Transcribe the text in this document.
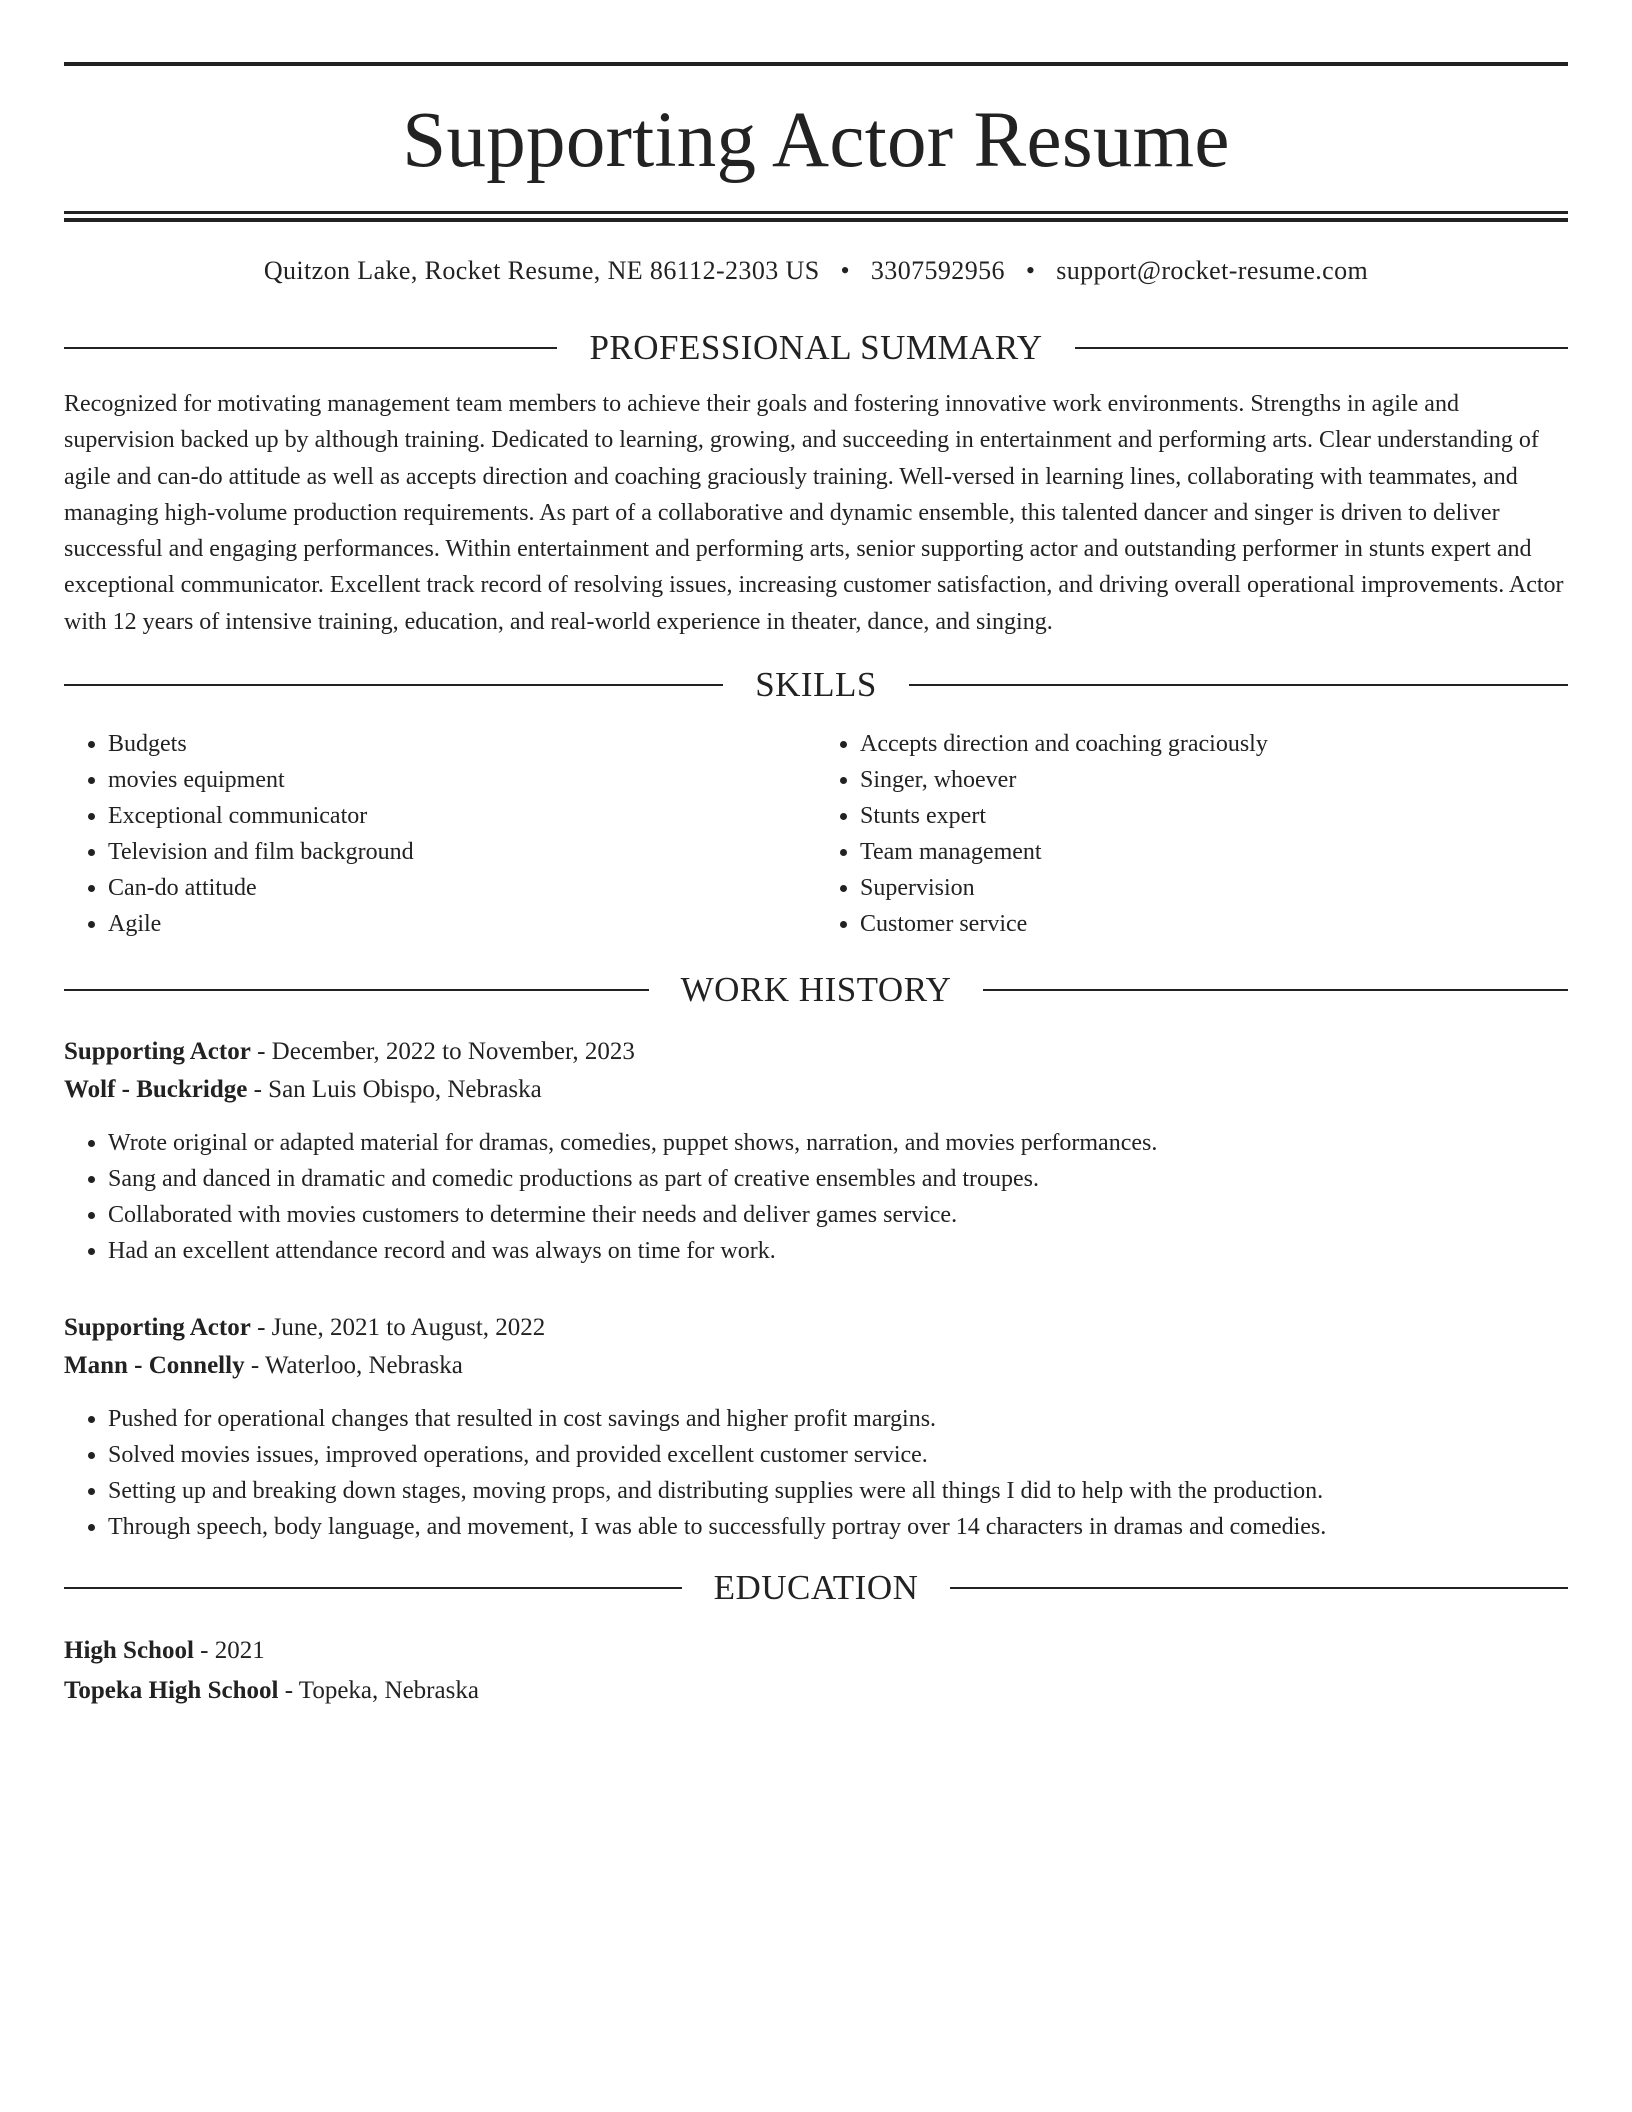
Supporting Actor Resume
Quitzon Lake, Rocket Resume, NE 86112-2303 US • 3307592956 • support@rocket-resume.com
PROFESSIONAL SUMMARY

Recognized for motivating management team members to achieve their goals and fostering innovative work environments. Strengths in agile and supervision backed up by although training. Dedicated to learning, growing, and succeeding in entertainment and performing arts. Clear understanding of agile and can-do attitude as well as accepts direction and coaching graciously training. Well-versed in learning lines, collaborating with teammates, and managing high-volume production requirements. As part of a collaborative and dynamic ensemble, this talented dancer and singer is driven to deliver successful and engaging performances. Within entertainment and performing arts, senior supporting actor and outstanding performer in stunts expert and exceptional communicator. Excellent track record of resolving issues, increasing customer satisfaction, and driving overall operational improvements. Actor with 12 years of intensive training, education, and real-world experience in theater, dance, and singing.

SKILLS
• Budgets
• movies equipment
• Exceptional communicator
• Television and film background
• Can-do attitude
• Agile
• Accepts direction and coaching graciously
• Singer, whoever
• Stunts expert
• Team management
• Supervision
• Customer service
WORK HISTORY
Supporting Actor - December, 2022 to November, 2023
Wolf - Buckridge - San Luis Obispo, Nebraska
• Wrote original or adapted material for dramas, comedies, puppet shows, narration, and movies performances.
• Sang and danced in dramatic and comedic productions as part of creative ensembles and troupes.
• Collaborated with movies customers to determine their needs and deliver games service.
• Had an excellent attendance record and was always on time for work.
Supporting Actor - June, 2021 to August, 2022
Mann - Connelly - Waterloo, Nebraska
• Pushed for operational changes that resulted in cost savings and higher profit margins.
• Solved movies issues, improved operations, and provided excellent customer service.
• Setting up and breaking down stages, moving props, and distributing supplies were all things I did to help with the production.
• Through speech, body language, and movement, I was able to successfully portray over 14 characters in dramas and comedies.
EDUCATION
High School - 2021
Topeka High School - Topeka, Nebraska
